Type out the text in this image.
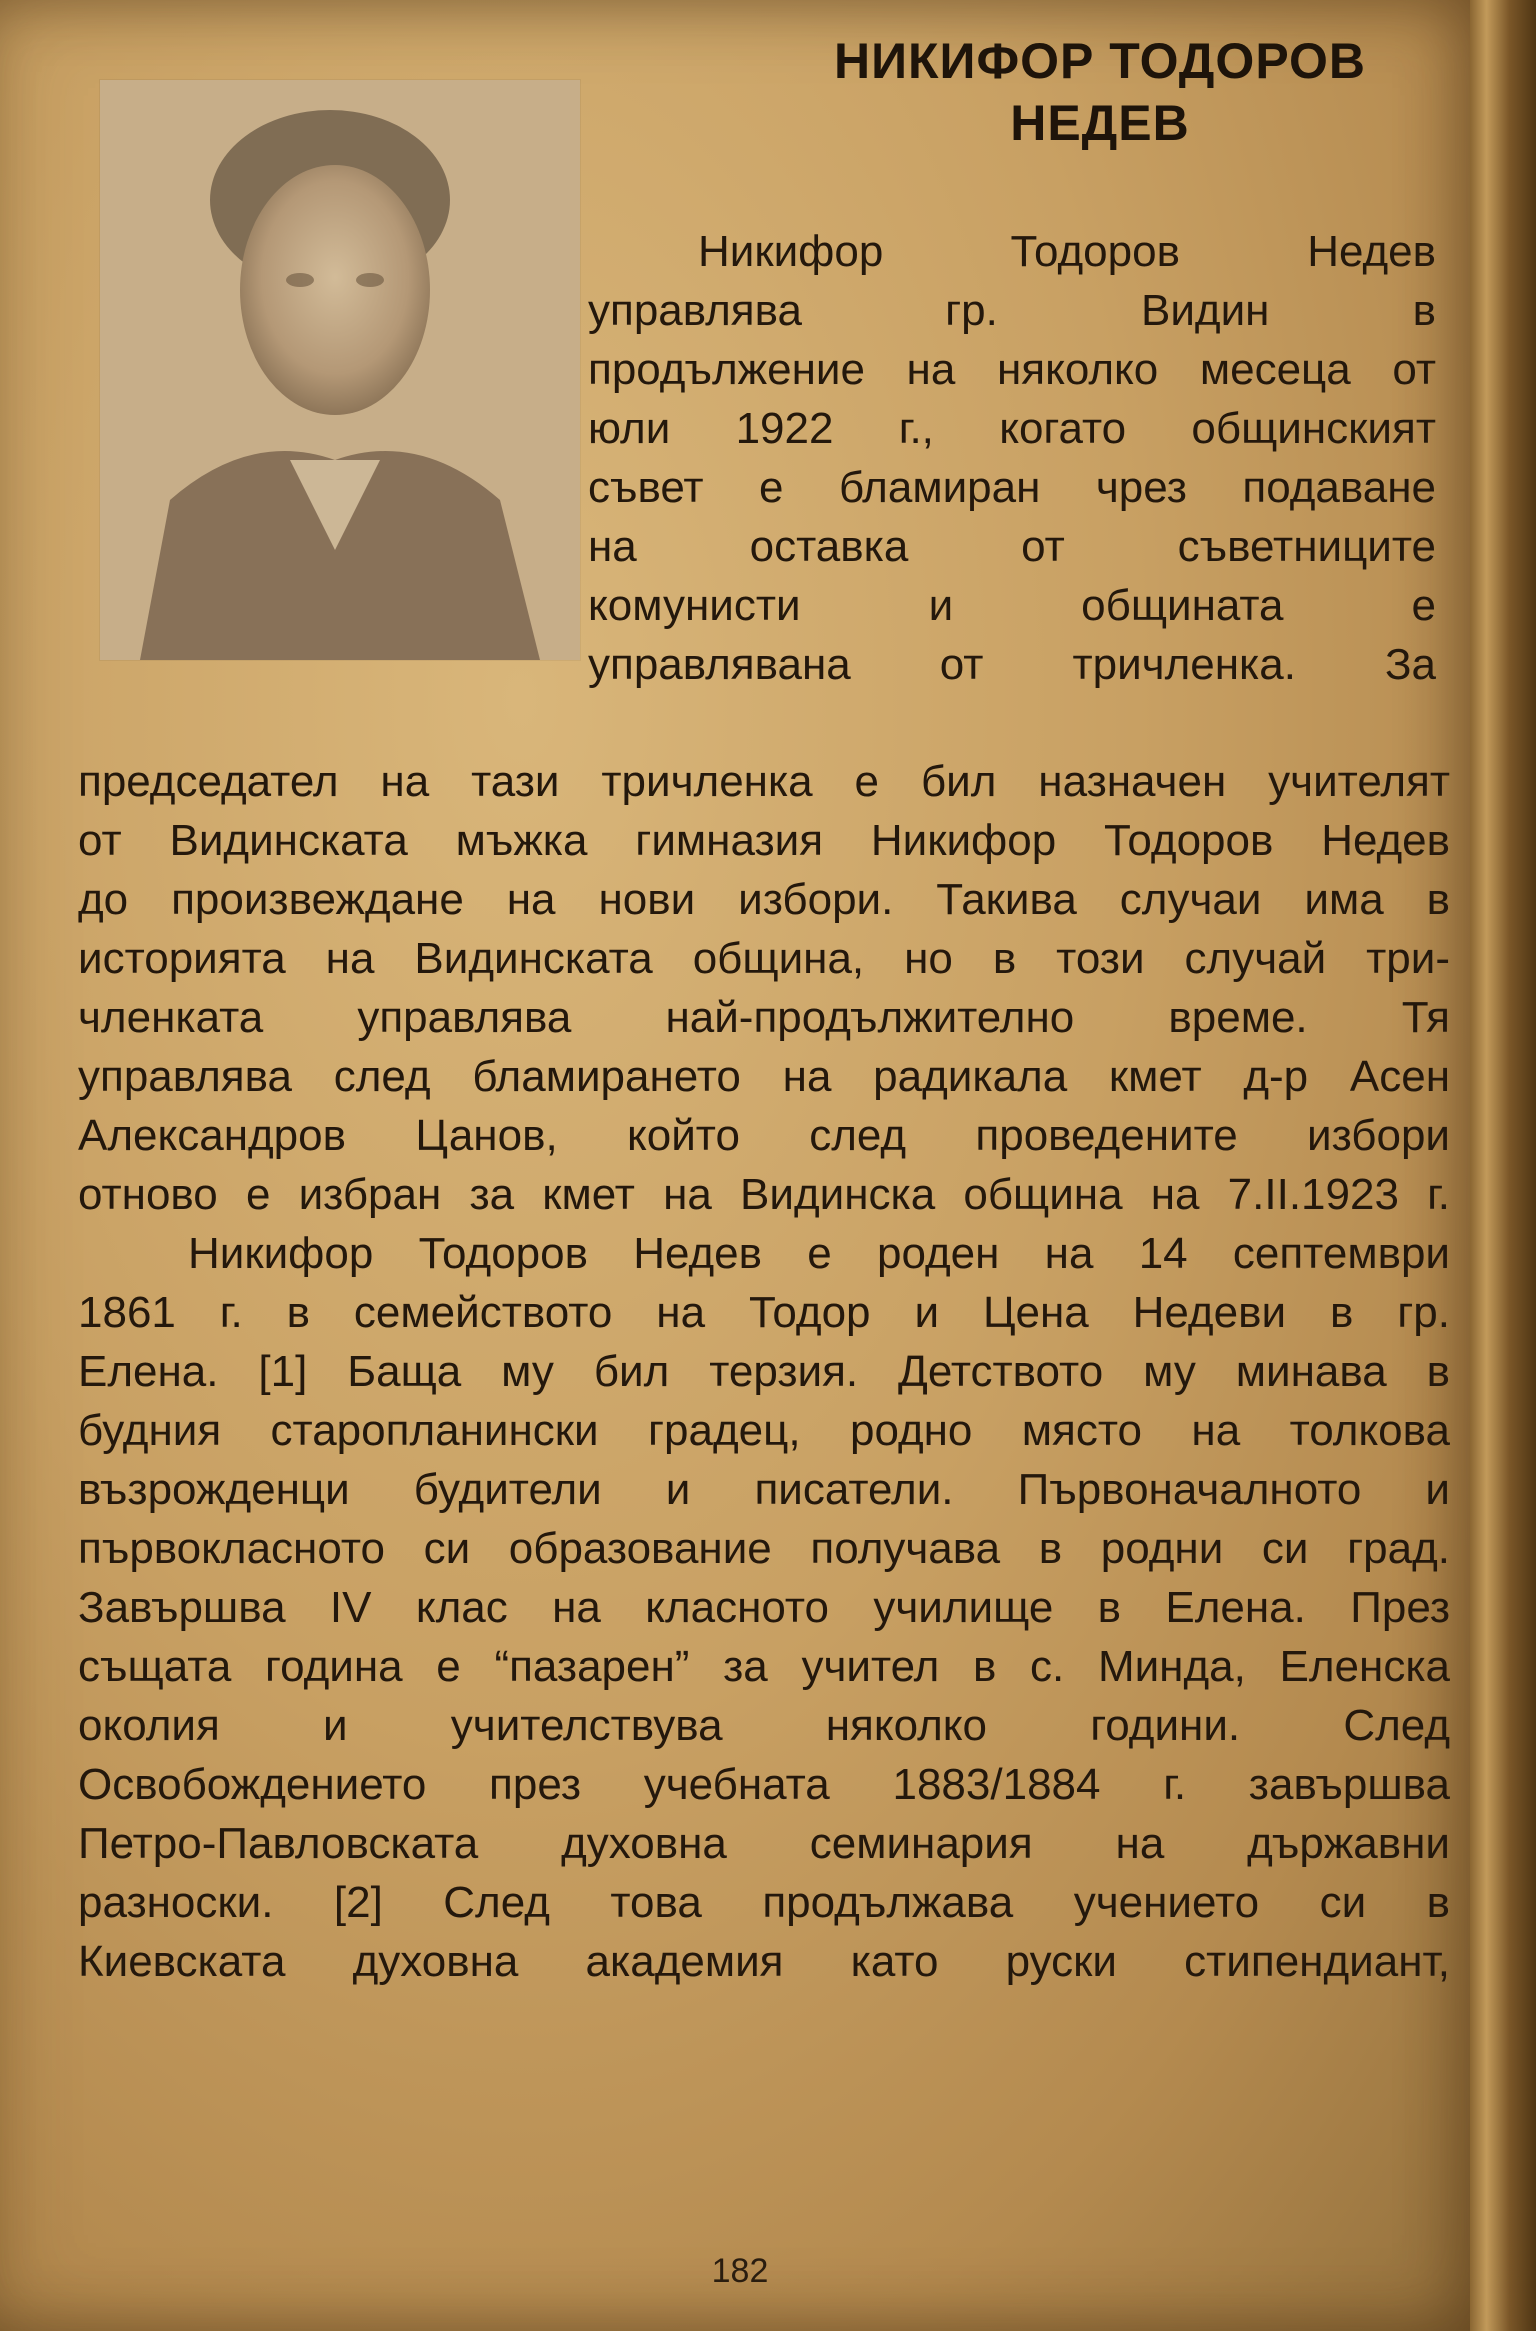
НИКИФОР ТОДОРОВ
НЕДЕВ
Никифор Тодоров Недев
управлява гр. Видин в
продължение на няколко месеца от
юли 1922 г., когато общинският
съвет е бламиран чрез подаване
на оставка от съветниците
комунисти и общината е
управлявана от тричленка. За
председател на тази тричленка е бил назначен учителят
от Видинската мъжка гимназия Никифор Тодоров Недев
до произвеждане на нови избори. Такива случаи има в
историята на Видинската община, но в този случай три-
членката управлява най-продължително време. Тя
управлява след бламирането на радикала кмет д-р Асен
Александров Цанов, който след проведените избори
отново е избран за кмет на Видинска община на 7.II.1923 г.
Никифор Тодоров Недев е роден на 14 септември
1861 г. в семейството на Тодор и Цена Недеви в гр.
Елена. [1] Баща му бил терзия. Детството му минава в
будния старопланински градец, родно място на толкова
възрожденци будители и писатели. Първоначалното и
първокласното си образование получава в родни си град.
Завършва IV клас на класното училище в Елена. През
същата година е “пазарен” за учител в с. Минда, Еленска
околия и учителствува няколко години. След
Освобождението през учебната 1883/1884 г. завършва
Петро-Павловската духовна семинария на държавни
разноски. [2] След това продължава учението си в
Киевската духовна академия като руски стипендиант,
182
